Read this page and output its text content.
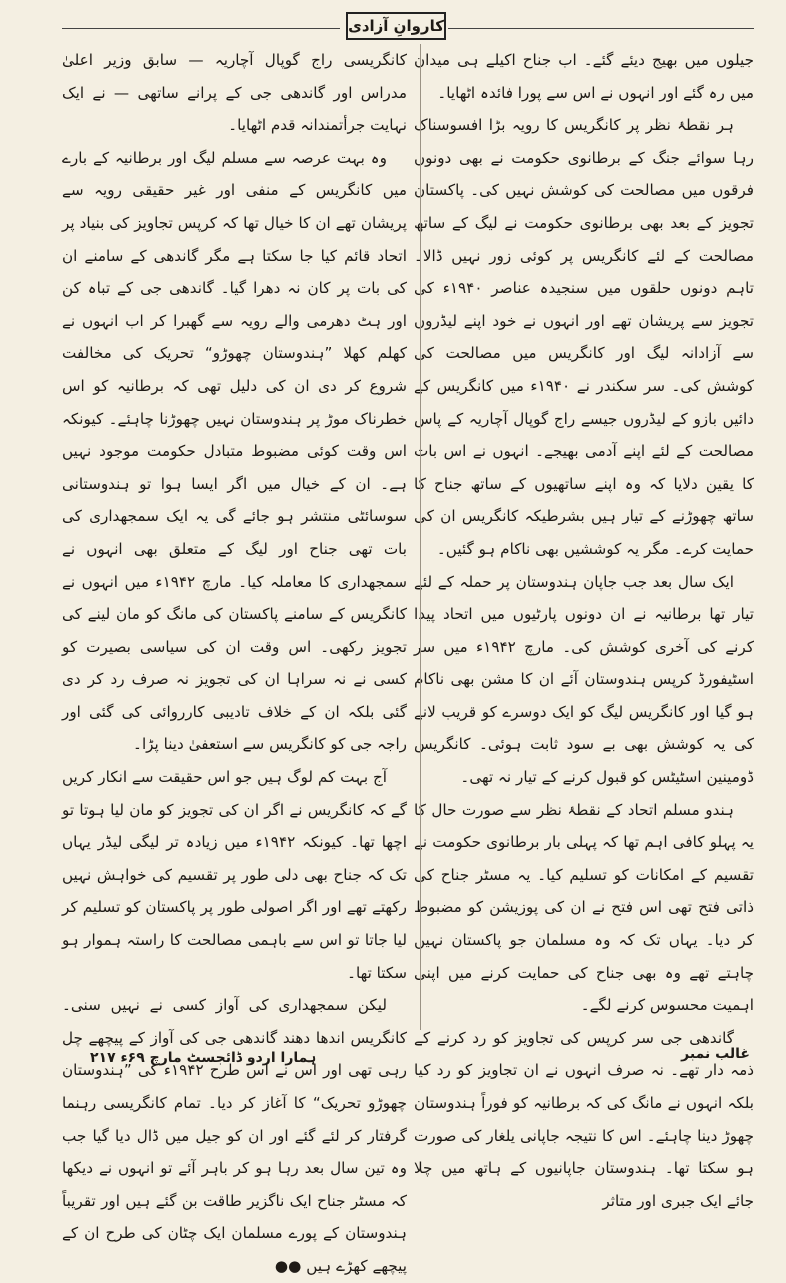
کاروانِ آزادی

جیلوں میں بھیج دیئے گئے۔ اب جناح اکیلے ہی میدان میں رہ گئے اور انہوں نے اس سے پورا فائدہ اٹھایا۔

ہر نقطۂ نظر پر کانگریس کا رویہ بڑا افسوسناک رہا سوائے جنگ کے برطانوی حکومت نے بھی دونوں فرقوں میں مصالحت کی کوشش نہیں کی۔ پاکستان تجویز کے بعد بھی برطانوی حکومت نے لیگ کے ساتھ مصالحت کے لئے کانگریس پر کوئی زور نہیں ڈالا۔ تاہم دونوں حلقوں میں سنجیدہ عناصر ۱۹۴۰ء کی تجویز سے پریشان تھے اور انہوں نے خود اپنے لیڈروں سے آزادانہ لیگ اور کانگریس میں مصالحت کی کوشش کی۔ سر سکندر نے ۱۹۴۰ء میں کانگریس کے دائیں بازو کے لیڈروں جیسے راج گوپال آچاریہ کے پاس مصالحت کے لئے اپنے آدمی بھیجے۔ انہوں نے اس بات کا یقین دلایا کہ وہ اپنے ساتھیوں کے ساتھ جناح کا ساتھ چھوڑنے کے تیار ہیں بشرطیکہ کانگریس ان کی حمایت کرے۔ مگر یہ کوششیں بھی ناکام ہو گئیں۔

ایک سال بعد جب جاپان ہندوستان پر حملہ کے لئے تیار تھا برطانیہ نے ان دونوں پارٹیوں میں اتحاد پیدا کرنے کی آخری کوشش کی۔ مارچ ۱۹۴۲ء میں سر اسٹیفورڈ کرپس ہندوستان آئے ان کا مشن بھی ناکام ہو گیا اور کانگریس لیگ کو ایک دوسرے کو قریب لانے کی یہ کوشش بھی بے سود ثابت ہوئی۔ کانگریس ڈومینین اسٹیٹس کو قبول کرنے کے تیار نہ تھی۔

ہندو مسلم اتحاد کے نقطۂ نظر سے صورت حال کا یہ پہلو کافی اہم تھا کہ پہلی بار برطانوی حکومت نے تقسیم کے امکانات کو تسلیم کیا۔ یہ مسٹر جناح کی ذاتی فتح تھی اس فتح نے ان کی پوزیشن کو مضبوط کر دیا۔ یہاں تک کہ وہ مسلمان جو پاکستان نہیں چاہتے تھے وہ بھی جناح کی حمایت کرنے میں اپنی اہمیت محسوس کرنے لگے۔

گاندھی جی سر کرپس کی تجاویز کو رد کرنے کے ذمہ دار تھے۔ نہ صرف انہوں نے ان تجاویز کو رد کیا بلکہ انہوں نے مانگ کی کہ برطانیہ کو فوراً ہندوستان چھوڑ دینا چاہئے۔ اس کا نتیجہ جاپانی یلغار کی صورت ہو سکتا تھا۔ ہندوستان جاپانیوں کے ہاتھ میں چلا جائے ایک جبری اور متاثر

کانگریسی راج گوپال آچاریہ — سابق وزیر اعلیٰ مدراس اور گاندھی جی کے پرانے ساتھی — نے ایک نہایت جرأتمندانہ قدم اٹھایا۔

وہ بہت عرصہ سے مسلم لیگ اور برطانیہ کے بارے میں کانگریس کے منفی اور غیر حقیقی رویہ سے پریشان تھے ان کا خیال تھا کہ کرپس تجاویز کی بنیاد پر اتحاد قائم کیا جا سکتا ہے مگر گاندھی کے سامنے ان کی بات پر کان نہ دھرا گیا۔ گاندھی جی کے تباہ کن اور ہٹ دھرمی والے رویہ سے گھبرا کر اب انہوں نے کھلم کھلا ”ہندوستان چھوڑو“ تحریک کی مخالفت شروع کر دی ان کی دلیل تھی کہ برطانیہ کو اس خطرناک موڑ پر ہندوستان نہیں چھوڑنا چاہئے۔ کیونکہ اس وقت کوئی مضبوط متبادل حکومت موجود نہیں ہے۔ ان کے خیال میں اگر ایسا ہوا تو ہندوستانی سوسائٹی منتشر ہو جائے گی یہ ایک سمجھداری کی بات تھی جناح اور لیگ کے متعلق بھی انہوں نے سمجھداری کا معاملہ کیا۔ مارچ ۱۹۴۲ء میں انہوں نے کانگریس کے سامنے پاکستان کی مانگ کو مان لینے کی تجویز رکھی۔ اس وقت ان کی سیاسی بصیرت کو کسی نے نہ سراہا ان کی تجویز نہ صرف رد کر دی گئی بلکہ ان کے خلاف تادیبی کارروائی کی گئی اور راجہ جی کو کانگریس سے استعفیٰ دینا پڑا۔

آج بہت کم لوگ ہیں جو اس حقیقت سے انکار کریں گے کہ کانگریس نے اگر ان کی تجویز کو مان لیا ہوتا تو اچھا تھا۔ کیونکہ ۱۹۴۲ء میں زیادہ تر لیگی لیڈر یہاں تک کہ جناح بھی دلی طور پر تقسیم کی خواہش نہیں رکھتے تھے اور اگر اصولی طور پر پاکستان کو تسلیم کر لیا جاتا تو اس سے باہمی مصالحت کا راستہ ہموار ہو سکتا تھا۔

لیکن سمجھداری کی آواز کسی نے نہیں سنی۔ کانگریس اندھا دھند گاندھی جی کی آواز کے پیچھے چل رہی تھی اور اس نے اس طرح ۱۹۴۲ء کی ”ہندوستان چھوڑو تحریک“ کا آغاز کر دیا۔ تمام کانگریسی رہنما گرفتار کر لئے گئے اور ان کو جیل میں ڈال دیا گیا جب وہ تین سال بعد رہا ہو کر باہر آئے تو انہوں نے دیکھا کہ مسٹر جناح ایک ناگزیر طاقت بن گئے ہیں اور تقریباً ہندوستان کے پورے مسلمان ایک چٹان کی طرح ان کے پیچھے کھڑے ہیں ●●

ہمارا اردو ڈائجسٹ مارچ ۶۹ء ۲۱۷	غالب نمبر
